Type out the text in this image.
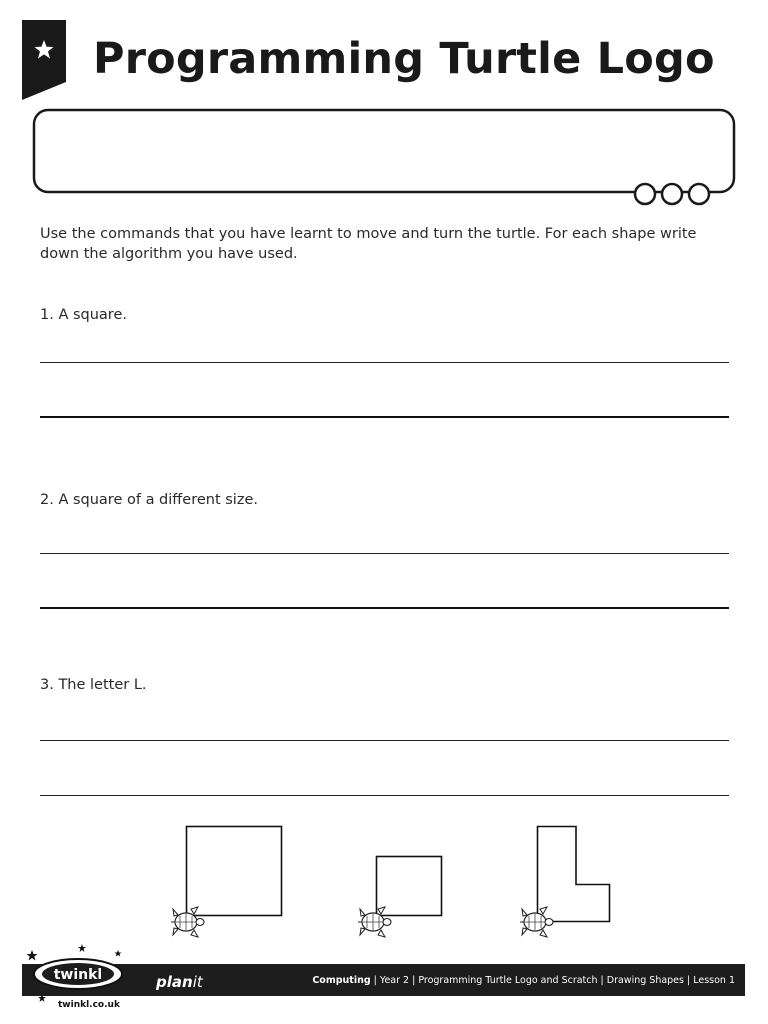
Programming Turtle Logo

Use the commands that you have learnt to move and turn the turtle. For each shape write down the algorithm you have used.

1. A square.

2. A square of a different size.

3. The letter L.

planit	Computing | Year 2 | Programming Turtle Logo and Scratch | Drawing Shapes | Lesson 1
twinkl
twinkl.co.uk
